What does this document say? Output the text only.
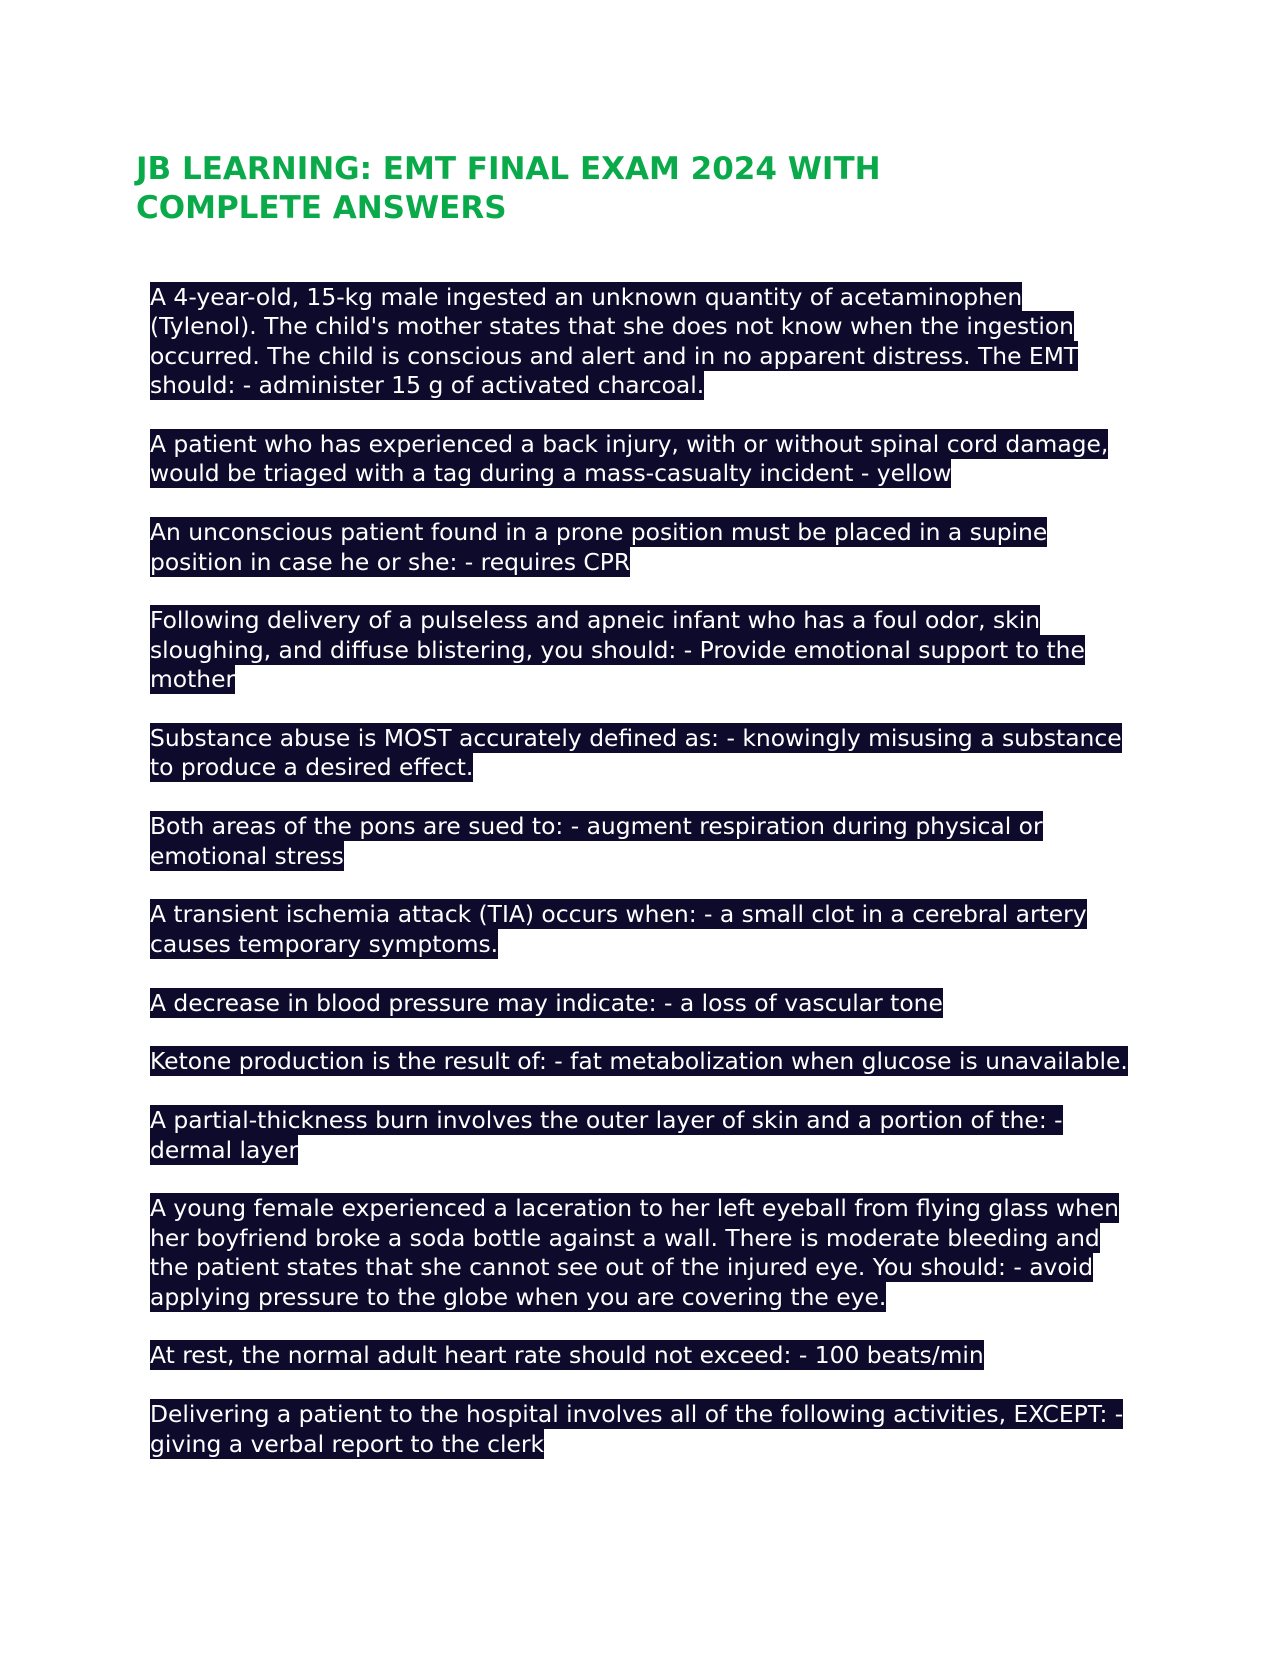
JB LEARNING: EMT FINAL EXAM 2024 WITH COMPLETE ANSWERS

A 4-year-old, 15-kg male ingested an unknown quantity of acetaminophen (Tylenol). The child's mother states that she does not know when the ingestion occurred. The child is conscious and alert and in no apparent distress. The EMT should: - administer 15 g of activated charcoal.

A patient who has experienced a back injury, with or without spinal cord damage, would be triaged with a tag during a mass-casualty incident - yellow

An unconscious patient found in a prone position must be placed in a supine position in case he or she: - requires CPR

Following delivery of a pulseless and apneic infant who has a foul odor, skin sloughing, and diffuse blistering, you should: - Provide emotional support to the mother

Substance abuse is MOST accurately defined as: - knowingly misusing a substance to produce a desired effect.

Both areas of the pons are sued to: - augment respiration during physical or emotional stress

A transient ischemia attack (TIA) occurs when: - a small clot in a cerebral artery causes temporary symptoms.

A decrease in blood pressure may indicate: - a loss of vascular tone

Ketone production is the result of: - fat metabolization when glucose is unavailable.

A partial-thickness burn involves the outer layer of skin and a portion of the: - dermal layer

A young female experienced a laceration to her left eyeball from flying glass when her boyfriend broke a soda bottle against a wall. There is moderate bleeding and the patient states that she cannot see out of the injured eye. You should: - avoid applying pressure to the globe when you are covering the eye.

At rest, the normal adult heart rate should not exceed: - 100 beats/min

Delivering a patient to the hospital involves all of the following activities, EXCEPT: - giving a verbal report to the clerk
